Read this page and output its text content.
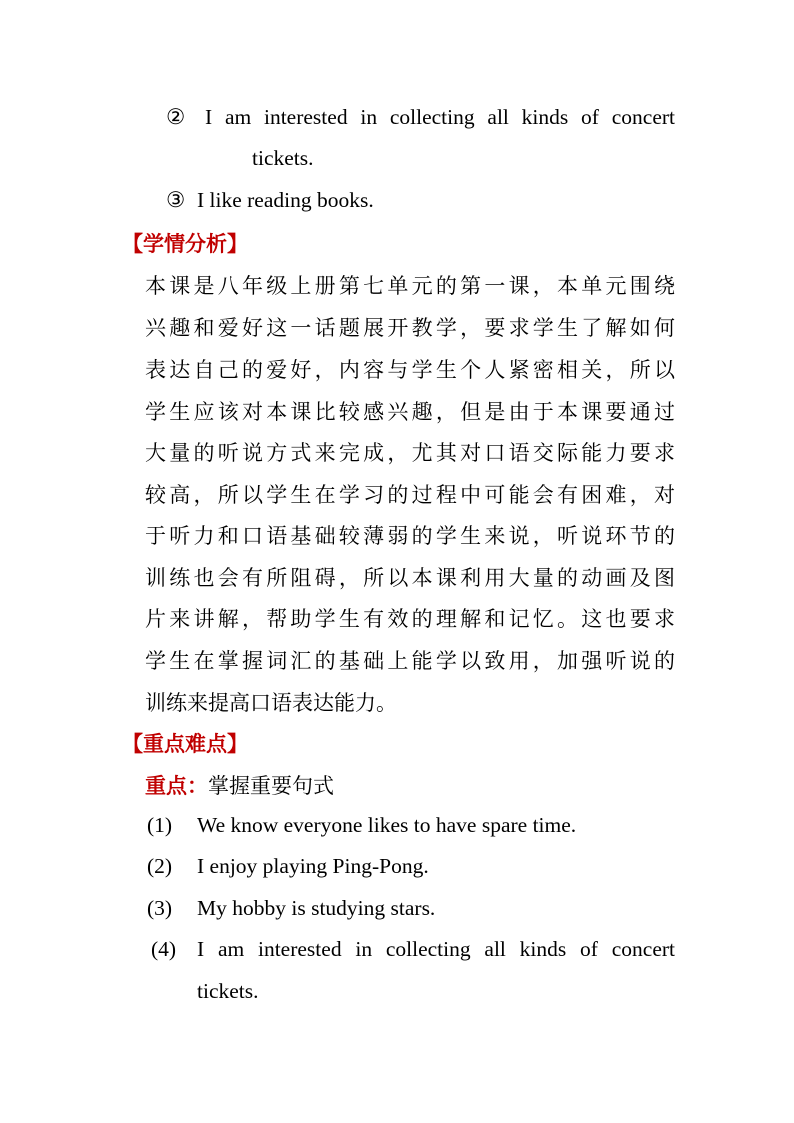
② I am interested in collecting all kinds of concert
tickets.
③ I like reading books.
【学情分析】
本课是八年级上册第七单元的第一课，本单元围绕
兴趣和爱好这一话题展开教学，要求学生了解如何
表达自己的爱好，内容与学生个人紧密相关，所以
学生应该对本课比较感兴趣，但是由于本课要通过
大量的听说方式来完成，尤其对口语交际能力要求
较高，所以学生在学习的过程中可能会有困难，对
于听力和口语基础较薄弱的学生来说，听说环节的
训练也会有所阻碍，所以本课利用大量的动画及图
片来讲解，帮助学生有效的理解和记忆。这也要求
学生在掌握词汇的基础上能学以致用，加强听说的
训练来提高口语表达能力。
【重点难点】
重点：掌握重要句式
(1) We know everyone likes to have spare time.
(2) I enjoy playing Ping-Pong.
(3) My hobby is studying stars.
(4) I am interested in collecting all kinds of concert
tickets.
